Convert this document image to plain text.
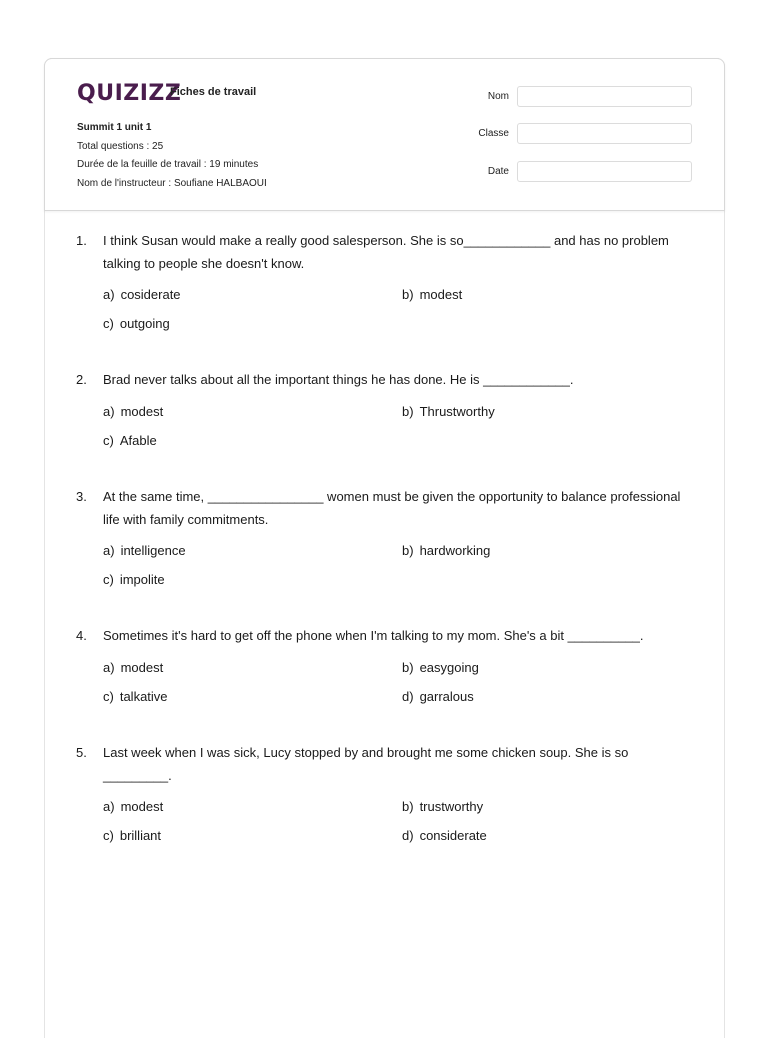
QUIZIZZ
Fiches de travail
Summit 1 unit 1
Total questions : 25
Durée de la feuille de travail : 19 minutes
Nom de l'instructeur : Soufiane HALBAOUI
Nom
Classe
Date
1.	I think Susan would make a really good salesperson. She is so____________ and has no problem talking to people she doesn't know.
a) cosiderate	b) modest
c) outgoing
2.	Brad never talks about all the important things he has done. He is ____________.
a) modest	b) Thrustworthy
c) Afable
3.	At the same time, ________________ women must be given the opportunity to balance professional life with family commitments.
a) intelligence	b) hardworking
c) impolite
4.	Sometimes it's hard to get off the phone when I'm talking to my mom. She's a bit __________.
a) modest	b) easygoing
c) talkative	d) garralous
5.	Last week when I was sick, Lucy stopped by and brought me some chicken soup. She is so _________.
a) modest	b) trustworthy
c) brilliant	d) considerate
